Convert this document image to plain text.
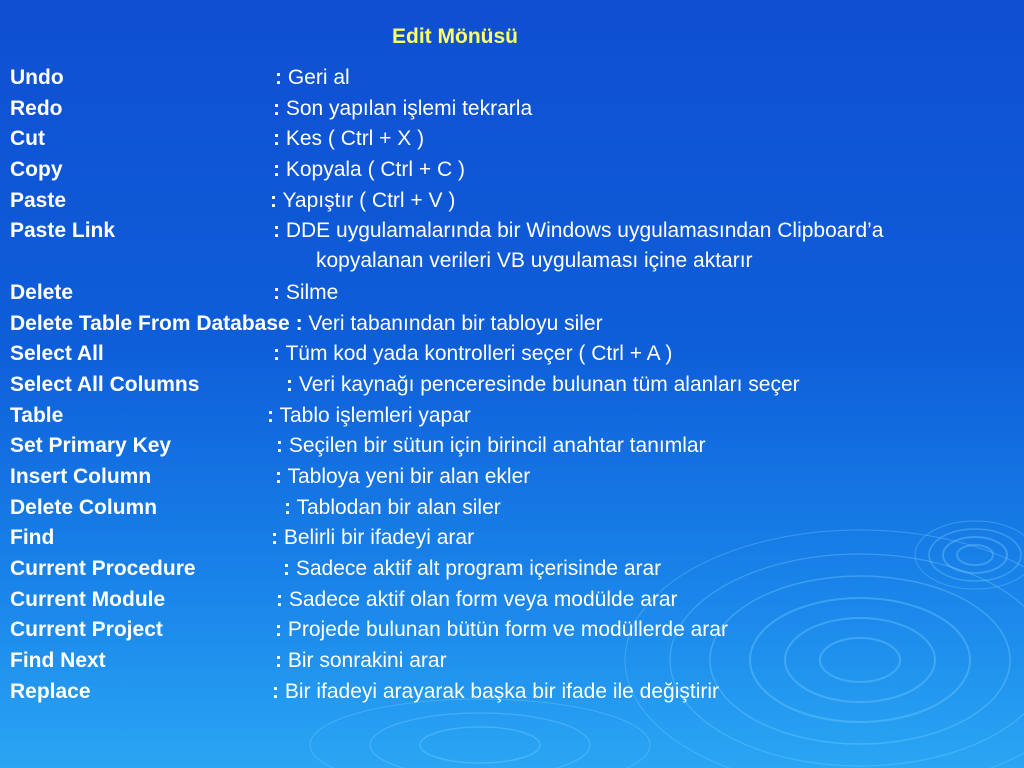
Edit Mönüsü
Undo	: Geri al
Redo	: Son yapılan işlemi tekrarla
Cut	: Kes ( Ctrl + X )
Copy	: Kopyala ( Ctrl + C )
Paste	: Yapıştır ( Ctrl + V )
Paste Link	: DDE uygulamalarında bir Windows uygulamasından Clipboard’a
kopyalanan verileri VB uygulaması içine aktarır
Delete	: Silme
Delete Table From Database : Veri tabanından bir tabloyu siler
Select All	: Tüm kod yada kontrolleri seçer ( Ctrl + A )
Select All Columns	: Veri kaynağı penceresinde bulunan tüm alanları seçer
Table	: Tablo işlemleri yapar
Set Primary Key	: Seçilen bir sütun için birincil anahtar tanımlar
Insert Column	: Tabloya yeni bir alan ekler
Delete Column	: Tablodan bir alan siler
Find	: Belirli bir ifadeyi arar
Current Procedure	: Sadece aktif alt program içerisinde arar
Current Module	: Sadece aktif olan form veya modülde arar
Current Project	: Projede bulunan bütün form ve modüllerde arar
Find Next	: Bir sonrakini arar
Replace	: Bir ifadeyi arayarak başka bir ifade ile değiştirir
